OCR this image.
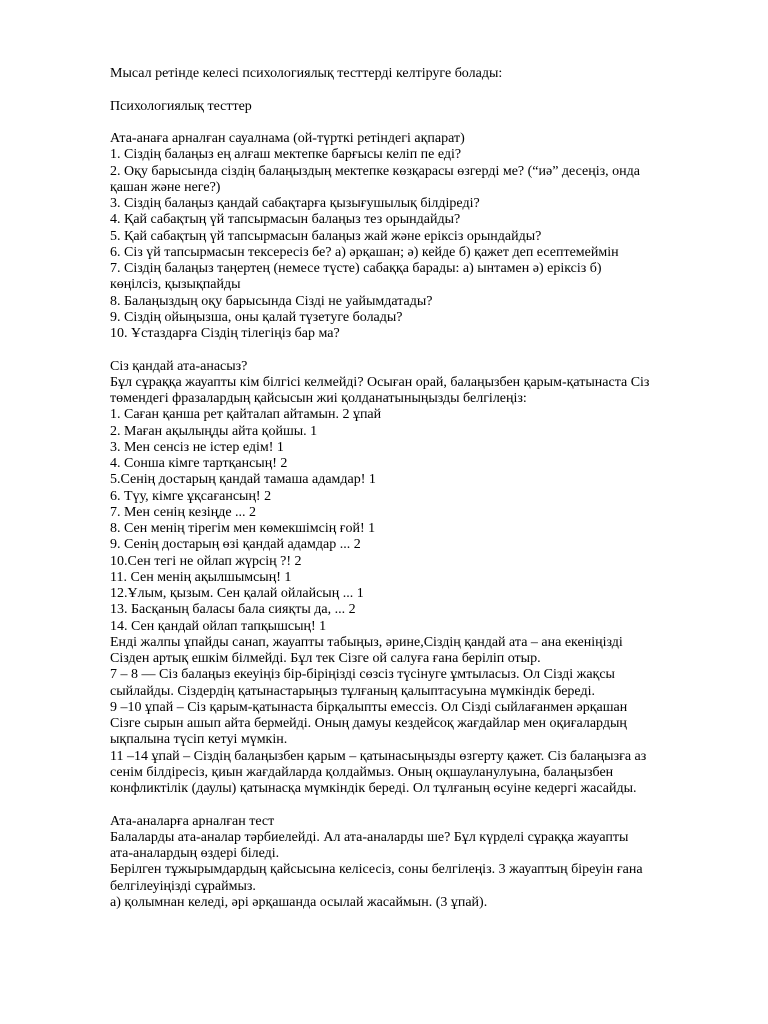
Мысал ретінде келесі психологиялық тесттерді келтіруге болады:
Психологиялық тесттер
Ата-анаға арналған сауалнама (ой-түрткі ретіндегі ақпарат)
1. Сіздің балаңыз ең алғаш мектепке барғысы келіп пе еді?
2. Оқу барысында сіздің балаңыздың мектепке көзқарасы өзгерді ме? (“иә” десеңіз, онда
қашан және неге?)
3. Сіздің балаңыз қандай сабақтарға қызығушылық білдіреді?
4. Қай сабақтың үй тапсырмасын балаңыз тез орындайды?
5. Қай сабақтың үй тапсырмасын балаңыз жай және еріксіз орындайды?
6. Сіз үй тапсырмасын тексересіз бе? а) әрқашан; ә) кейде б) қажет деп есептемеймін
7. Сіздің балаңыз таңертең (немесе түсте) сабаққа барады: а) ынтамен ә) еріксіз б)
көңілсіз, қызықпайды
8. Балаңыздың оқу барысында Сізді не уайымдатады?
9. Сіздің ойыңызша, оны қалай түзетуге болады?
10. Ұстаздарға Сіздің тілегіңіз бар ма?
Сіз қандай ата-анасыз?
Бұл сұраққа жауапты кім білгісі келмейді? Осыған орай, балаңызбен қарым-қатынаста Сіз
төмендегі фразалардың қайсысын жиі қолданатыныңызды белгілеңіз:
1. Саған қанша рет қайталап айтамын. 2 ұпай
2. Маған ақылыңды айта қойшы. 1
3. Мен сенсіз не істер едім! 1
4. Сонша кімге тартқансың! 2
5.Сенің достарың қандай тамаша адамдар! 1
6. Түу, кімге ұқсағансың! 2
7. Мен сенің кезіңде ... 2
8. Сен менің тірегім мен көмекшімсің ғой! 1
9. Сенің достарың өзі қандай адамдар ... 2
10.Сен тегі не ойлап жүрсің ?! 2
11. Сен менің ақылшымсың! 1
12.Ұлым, қызым. Сен қалай ойлайсың ... 1
13. Басқаның баласы бала сияқты да, ... 2
14. Сен қандай ойлап тапқышсың! 1
Енді жалпы ұпайды санап, жауапты табыңыз, әрине,Сіздің қандай ата – ана екеніңізді
Сізден артық ешкім білмейді. Бұл тек Сізге ой салуға ғана беріліп отыр.
7 – 8 — Сіз балаңыз екеуіңіз бір-біріңізді сөзсіз түсінуге ұмтыласыз. Ол Сізді жақсы
сыйлайды. Сіздердің қатынастарыңыз тұлғаның қалыптасуына мүмкіндік береді.
9 –10 ұпай – Сіз қарым-қатынаста бірқалыпты емессіз. Ол Сізді сыйлағанмен әрқашан
Сізге сырын ашып айта бермейді. Оның дамуы кездейсоқ жағдайлар мен оқиғалардың
ықпалына түсіп кетуі мүмкін.
11 –14 ұпай – Сіздің балаңызбен қарым – қатынасыңызды өзгерту қажет. Сіз балаңызға аз
сенім білдіресіз, қиын жағдайларда қолдаймыз. Оның оқшауланулуына, балаңызбен
конфликтілік (даулы) қатынасқа мүмкіндік береді. Ол тұлғаның өсуіне кедергі жасайды.
Ата-аналарға арналған тест
Балаларды ата-аналар тәрбиелейді. Ал ата-аналарды ше? Бұл күрделі сұраққа жауапты
ата-аналардың өздері біледі.
Берілген тұжырымдардың қайсысына келісесіз, соны белгілеңіз. 3 жауаптың біреуін ғана
белгілеуіңізді сұраймыз.
а) қолымнан келеді, әрі әрқашанда осылай жасаймын. (3 ұпай).
